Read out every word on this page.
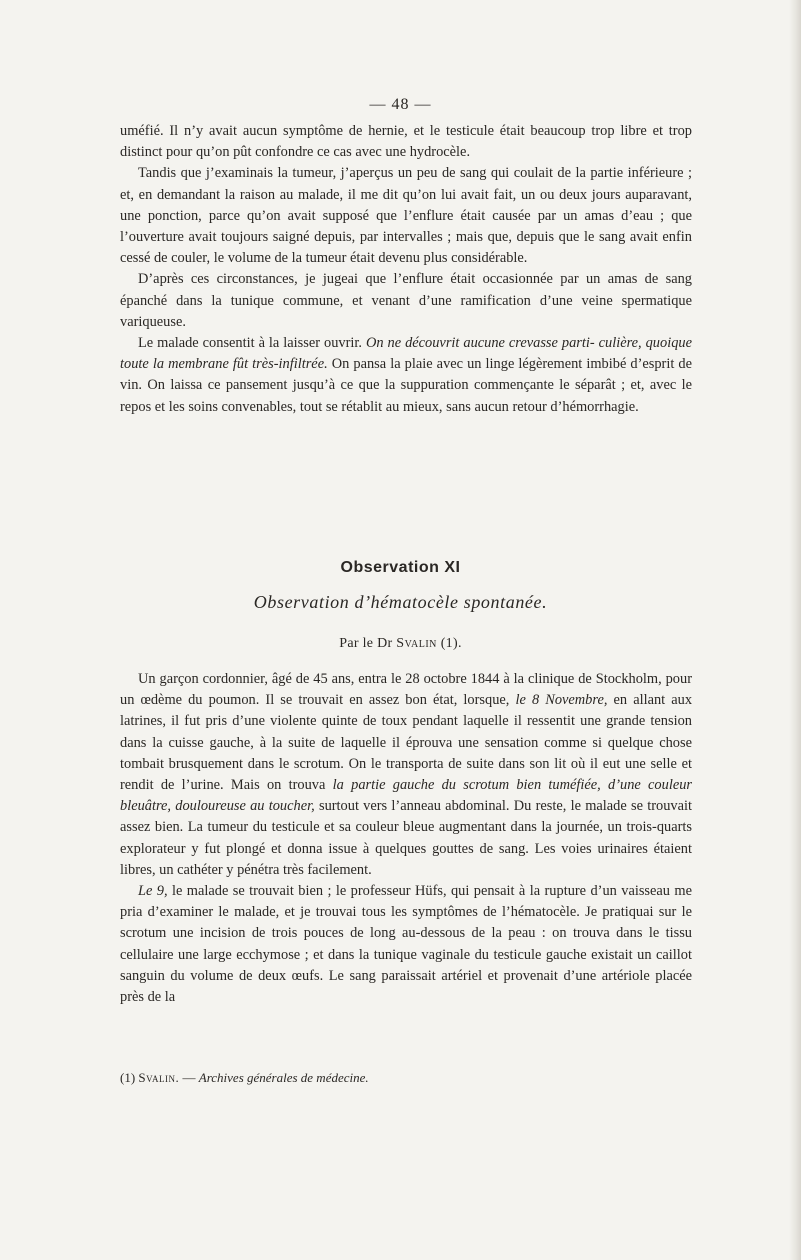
— 48 —

uméfié. Il n’y avait aucun symptôme de hernie, et le testicule était beaucoup trop libre et trop distinct pour qu’on pût confondre ce cas avec une hydrocèle.

Tandis que j’examinais la tumeur, j’aperçus un peu de sang qui coulait de la partie inférieure ; et, en demandant la raison au malade, il me dit qu’on lui avait fait, un ou deux jours auparavant, une ponction, parce qu’on avait supposé que l’enflure était causée par un amas d’eau ; que l’ouverture avait toujours saigné depuis, par intervalles ; mais que, depuis que le sang avait enfin cessé de couler, le volume de la tumeur était devenu plus considérable.

D’après ces circonstances, je jugeai que l’enflure était occasionnée par un amas de sang épanché dans la tunique commune, et venant d’une ramification d’une veine spermatique variqueuse.

Le malade consentit à la laisser ouvrir. On ne découvrit aucune crevasse parti- culière, quoique toute la membrane fût très-infiltrée. On pansa la plaie avec un linge légèrement imbibé d’esprit de vin. On laissa ce pansement jusqu’à ce que la suppuration commençante le séparât ; et, avec le repos et les soins convenables, tout se rétablit au mieux, sans aucun retour d’hémorrhagie.

Observation XI
Observation d’hématocèle spontanée.
Par le Dr Svalin (1).

Un garçon cordonnier, âgé de 45 ans, entra le 28 octobre 1844 à la clinique de Stockholm, pour un œdème du poumon. Il se trouvait en assez bon état, lorsque, le 8 Novembre, en allant aux latrines, il fut pris d’une violente quinte de toux pendant laquelle il ressentit une grande tension dans la cuisse gauche, à la suite de laquelle il éprouva une sensation comme si quelque chose tombait brusquement dans le scrotum. On le transporta de suite dans son lit où il eut une selle et rendit de l’urine. Mais on trouva la partie gauche du scrotum bien tuméfiée, d’une couleur bleuâtre, douloureuse au toucher, surtout vers l’anneau abdominal. Du reste, le malade se trouvait assez bien. La tumeur du testicule et sa couleur bleue augmentant dans la journée, un trois-quarts explorateur y fut plongé et donna issue à quelques gouttes de sang. Les voies urinaires étaient libres, un cathéter y pénétra très facilement.

Le 9, le malade se trouvait bien ; le professeur Hüfs, qui pensait à la rupture d’un vaisseau me pria d’examiner le malade, et je trouvai tous les symptômes de l’hématocèle. Je pratiquai sur le scrotum une incision de trois pouces de long au-dessous de la peau : on trouva dans le tissu cellulaire une large ecchymose ; et dans la tunique vaginale du testicule gauche existait un caillot sanguin du volume de deux œufs. Le sang paraissait artériel et provenait d’une artériole placée près de la

(1) Svalin. — Archives générales de médecine.
